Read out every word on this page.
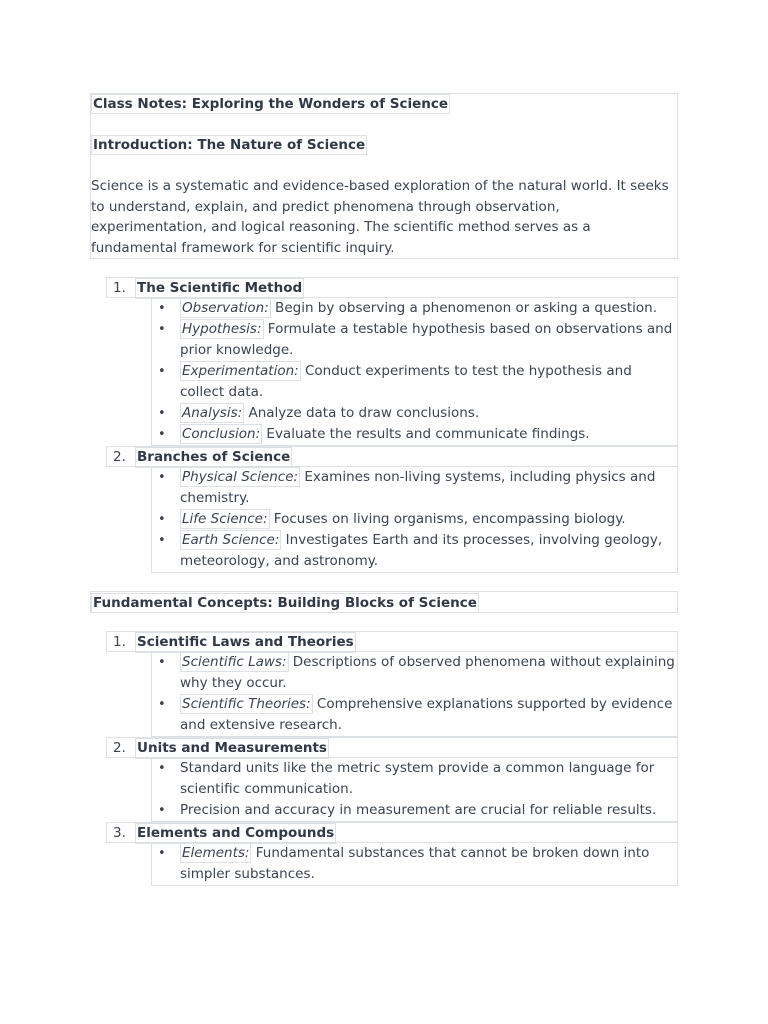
Class Notes: Exploring the Wonders of Science
Introduction: The Nature of Science
Science is a systematic and evidence-based exploration of the natural world. It seeks to understand, explain, and predict phenomena through observation, experimentation, and logical reasoning. The scientific method serves as a fundamental framework for scientific inquiry.
1. The Scientific Method
• Observation: Begin by observing a phenomenon or asking a question.
• Hypothesis: Formulate a testable hypothesis based on observations and prior knowledge.
• Experimentation: Conduct experiments to test the hypothesis and collect data.
• Analysis: Analyze data to draw conclusions.
• Conclusion: Evaluate the results and communicate findings.
2. Branches of Science
• Physical Science: Examines non-living systems, including physics and chemistry.
• Life Science: Focuses on living organisms, encompassing biology.
• Earth Science: Investigates Earth and its processes, involving geology, meteorology, and astronomy.
Fundamental Concepts: Building Blocks of Science
1. Scientific Laws and Theories
• Scientific Laws: Descriptions of observed phenomena without explaining why they occur.
• Scientific Theories: Comprehensive explanations supported by evidence and extensive research.
2. Units and Measurements
• Standard units like the metric system provide a common language for scientific communication.
• Precision and accuracy in measurement are crucial for reliable results.
3. Elements and Compounds
• Elements: Fundamental substances that cannot be broken down into simpler substances.
